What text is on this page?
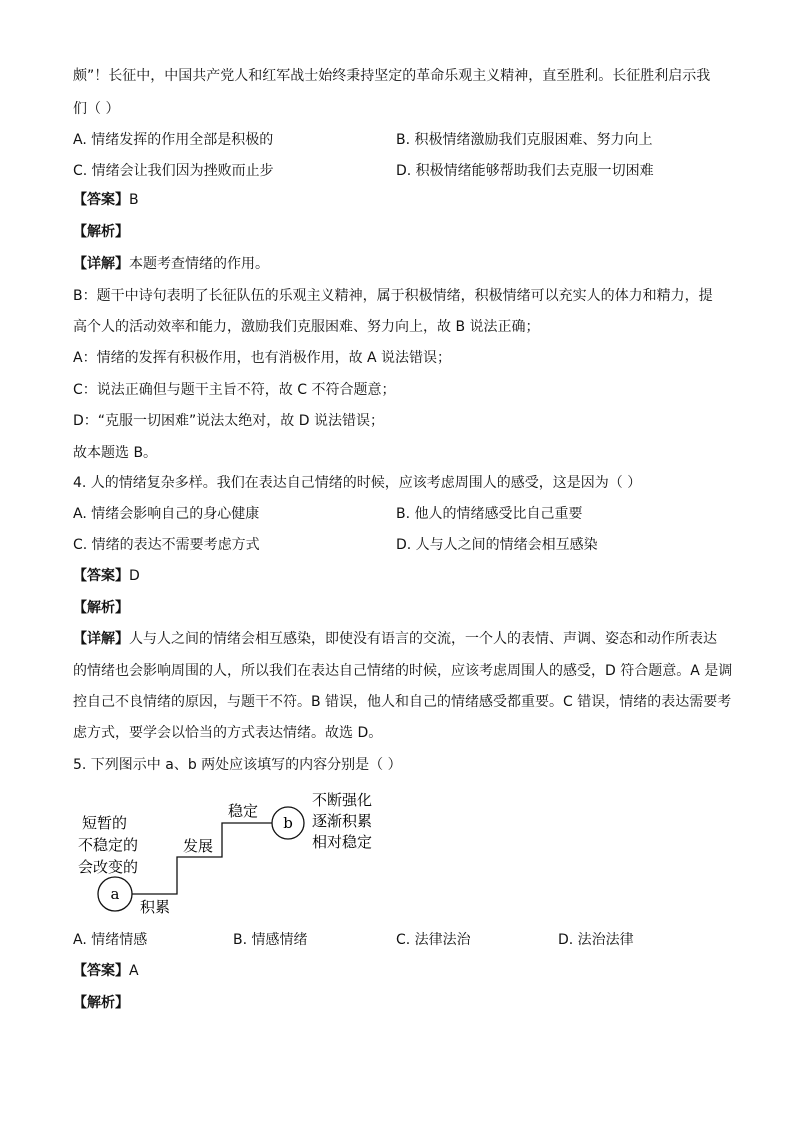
颇”！长征中，中国共产党人和红军战士始终秉持坚定的革命乐观主义精神，直至胜利。长征胜利启示我
们（ ）
A. 情绪发挥的作用全部是积极的	B. 积极情绪激励我们克服困难、努力向上
C. 情绪会让我们因为挫败而止步	D. 积极情绪能够帮助我们去克服一切困难
【答案】B
【解析】
【详解】本题考查情绪的作用。
B：题干中诗句表明了长征队伍的乐观主义精神，属于积极情绪，积极情绪可以充实人的体力和精力，提
高个人的活动效率和能力，激励我们克服困难、努力向上，故 B 说法正确；
A：情绪的发挥有积极作用，也有消极作用，故 A 说法错误；
C：说法正确但与题干主旨不符，故 C 不符合题意；
D：“克服一切困难”说法太绝对，故 D 说法错误；
故本题选 B。
4. 人的情绪复杂多样。我们在表达自己情绪的时候，应该考虑周围人的感受，这是因为（ ）
A. 情绪会影响自己的身心健康	B. 他人的情绪感受比自己重要
C. 情绪的表达不需要考虑方式	D. 人与人之间的情绪会相互感染
【答案】D
【解析】
【详解】人与人之间的情绪会相互感染，即使没有语言的交流，一个人的表情、声调、姿态和动作所表达
的情绪也会影响周围的人，所以我们在表达自己情绪的时候，应该考虑周围人的感受，D 符合题意。A 是调
控自己不良情绪的原因，与题干不符。B 错误，他人和自己的情绪感受都重要。C 错误，情绪的表达需要考
虑方式，要学会以恰当的方式表达情绪。故选 D。
5. 下列图示中 a、b 两处应该填写的内容分别是（ ）
短暂的
不稳定的
会改变的
a
积累
发展
稳定
b
不断强化
逐渐积累
相对稳定
A. 情绪情感	B. 情感情绪	C. 法律法治	D. 法治法律
【答案】A
【解析】
